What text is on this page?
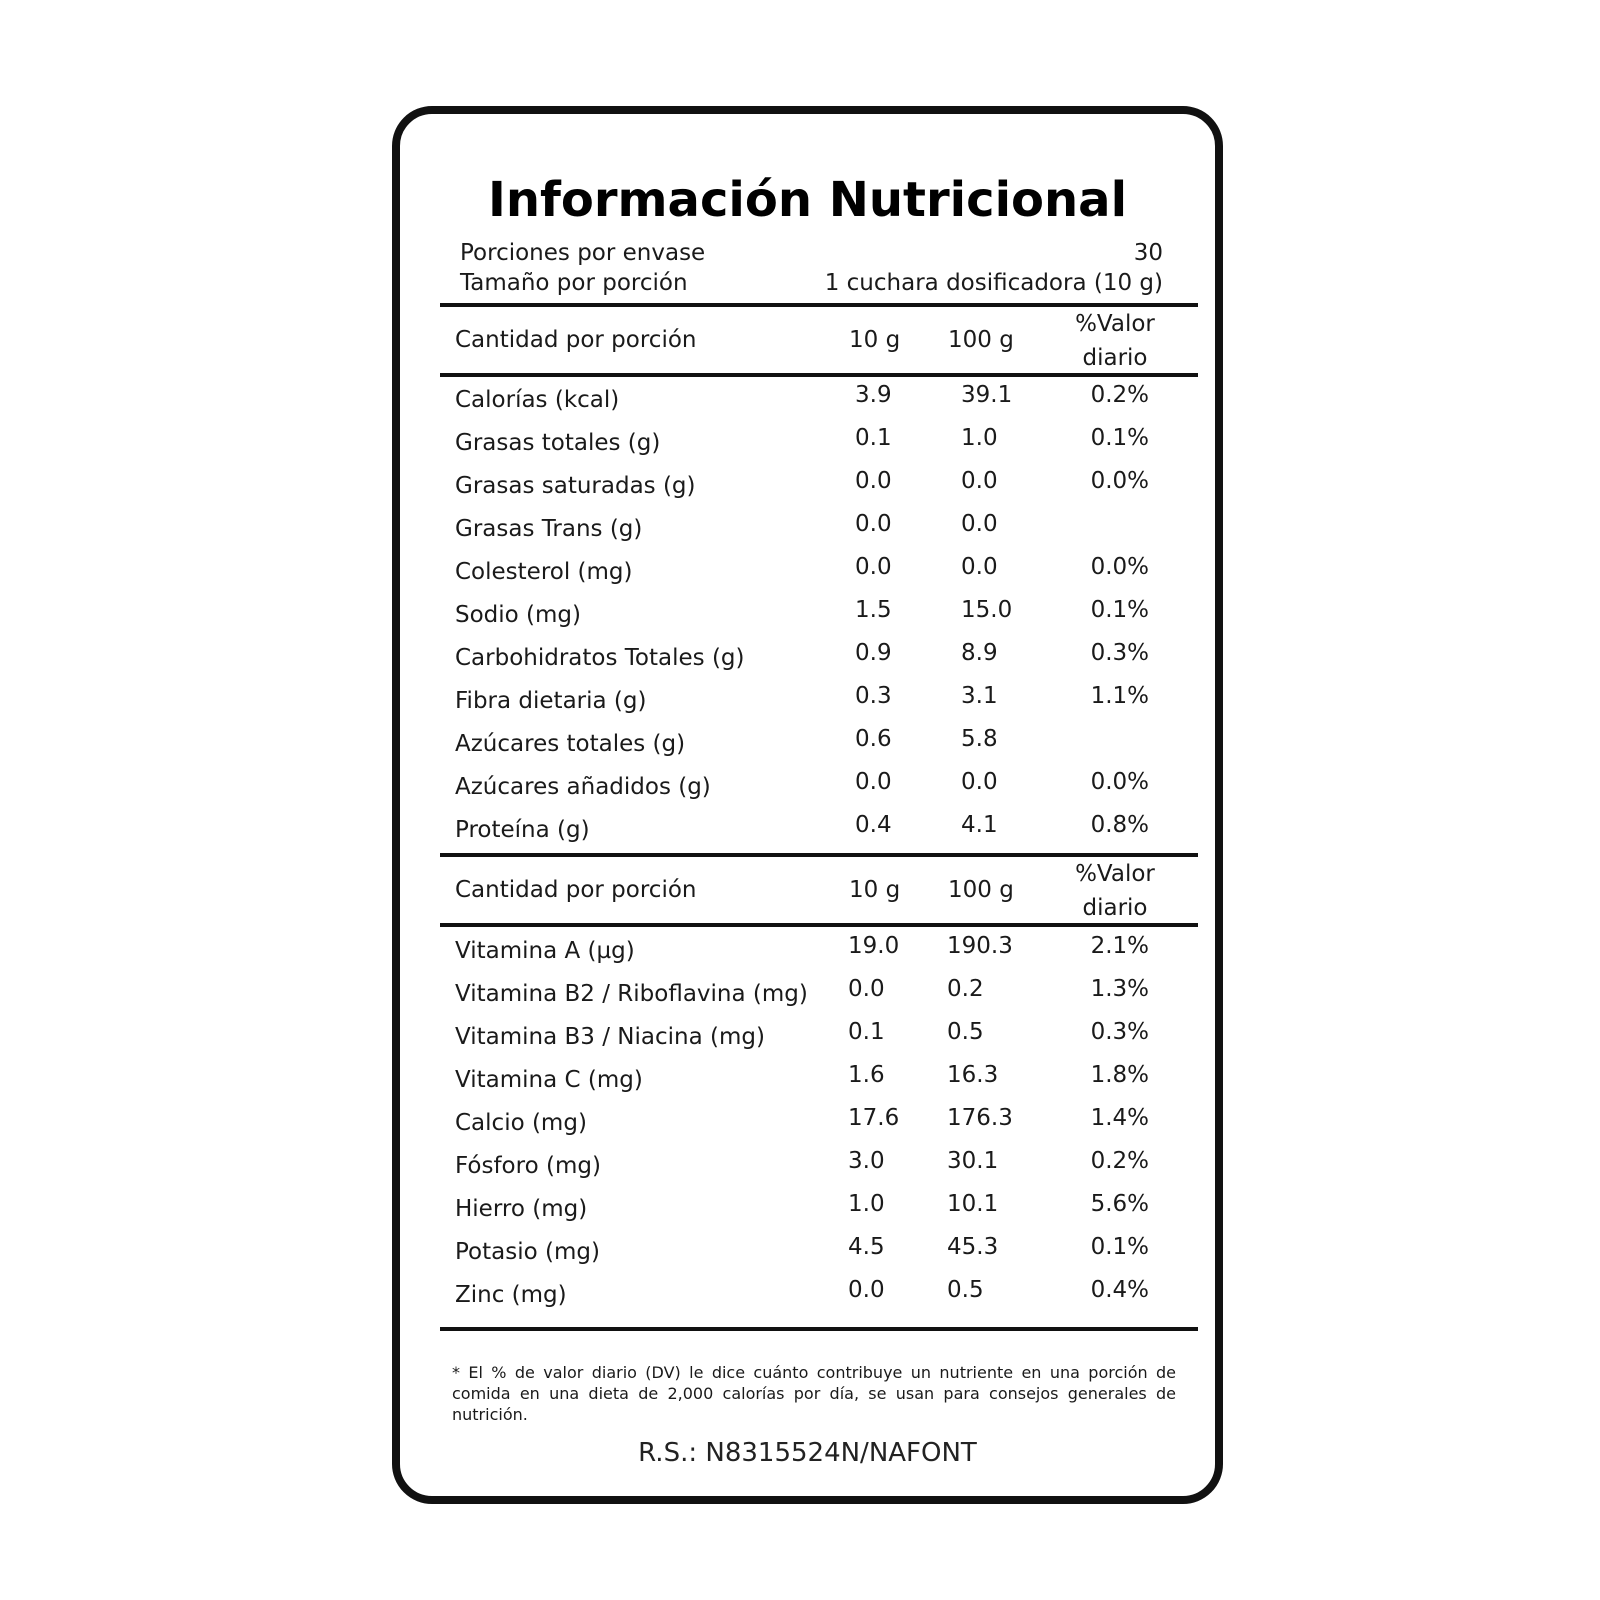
Información Nutricional
Porciones por envase	30
Tamaño por porción	1 cuchara dosificadora (10 g)
Cantidad por porción	10 g 100 g
%Valor
diario
Calorías (kcal)	3.9	39.1	0.2%
Grasas totales (g)	0.1	1.0	0.1%
Grasas saturadas (g)	0.0	0.0	0.0%
Grasas Trans (g)	0.0	0.0
Colesterol (mg)	0.0	0.0	0.0%
Sodio (mg)	1.5	15.0	0.1%
Carbohidratos Totales (g)	0.9	8.9	0.3%
Fibra dietaria (g)	0.3	3.1	1.1%
Azúcares totales (g)	0.6	5.8
Azúcares añadidos (g)	0.0	0.0	0.0%
Proteína (g)	0.4	4.1	0.8%
Cantidad por porción	10 g 100 g
%Valor
diario
Vitamina A (µg)	19.0 190.3	2.1%
Vitamina B2 / Riboflavina (mg) 0.0	0.2	1.3%
Vitamina B3 / Niacina (mg)	0.1	0.5	0.3%
Vitamina C (mg)	1.6	16.3	1.8%
Calcio (mg)	17.6 176.3	1.4%
Fósforo (mg)	3.0	30.1	0.2%
Hierro (mg)	1.0	10.1	5.6%
Potasio (mg)	4.5	45.3	0.1%
Zinc (mg)	0.0	0.5	0.4%
* El % de valor diario (DV) le dice cuánto contribuye un nutriente en una porción de comida en una dieta de 2,000 calorías por día, se usan para consejos generales de nutrición.
R.S.: N8315524N/NAFONT
